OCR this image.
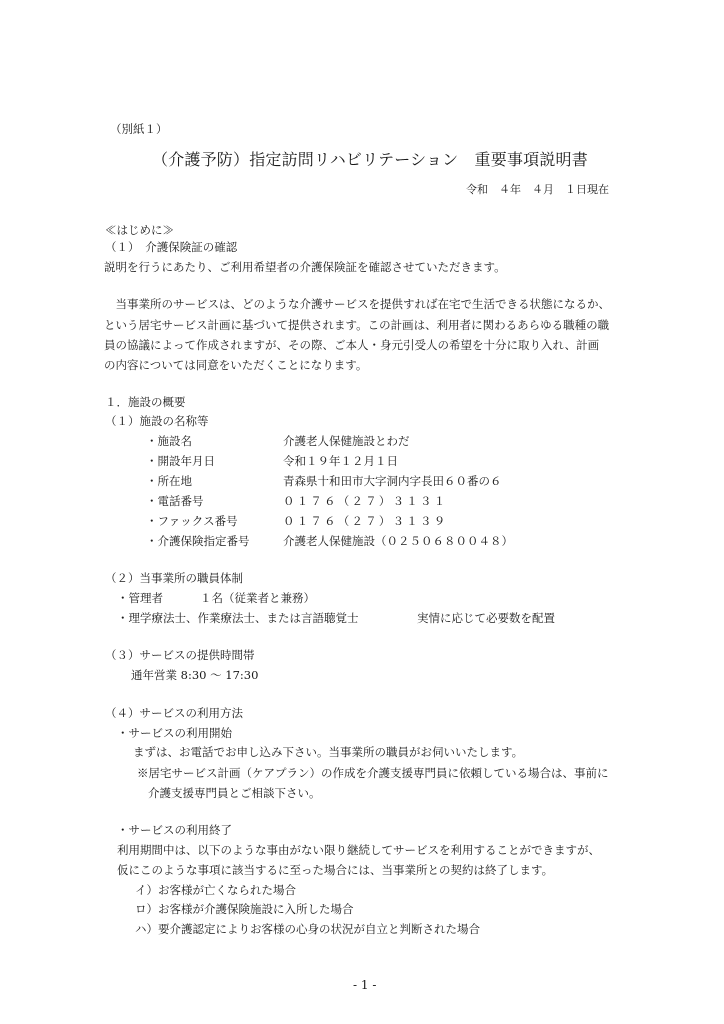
（別紙１）
（介護予防）指定訪問リハビリテーション　重要事項説明書
令和　４年　４月　１日現在
≪はじめに≫
（１）　介護保険証の確認
説明を行うにあたり、ご利用希望者の介護保険証を確認させていただきます。
　当事業所のサービスは、どのような介護サービスを提供すれば在宅で生活できる状態になるか、
という居宅サービス計画に基づいて提供されます。この計画は、利用者に関わるあらゆる職種の職
員の協議によって作成されますが、その際、ご本人・身元引受人の希望を十分に取り入れ、計画
の内容については同意をいただくことになります。
１．施設の概要
（１）施設の名称等
・施設名	介護老人保健施設とわだ
・開設年月日	令和１９年１２月１日
・所在地	青森県十和田市大字洞内字長田６０番の６
・電話番号	０１７６（２７）３１３１
・ファックス番号	０１７６（２７）３１３９
・介護保険指定番号	介護老人保健施設（０２５０６８００４８）
（２）当事業所の職員体制
・管理者	１名（従業者と兼務）
・理学療法士、作業療法士、または言語聴覚士	実情に応じて必要数を配置
（３）サービスの提供時間帯
通年営業 8:30 ～ 17:30
（４）サービスの利用方法
・サービスの利用開始
まずは、お電話でお申し込み下さい。当事業所の職員がお伺いいたします。
※居宅サービス計画（ケアプラン）の作成を介護支援専門員に依頼している場合は、事前に
介護支援専門員とご相談下さい。
・サービスの利用終了
利用期間中は、以下のような事由がない限り継続してサービスを利用することができますが、
仮にこのような事項に該当するに至った場合には、当事業所との契約は終了します。
イ）お客様が亡くなられた場合
ロ）お客様が介護保険施設に入所した場合
ハ）要介護認定によりお客様の心身の状況が自立と判断された場合
- 1 -
